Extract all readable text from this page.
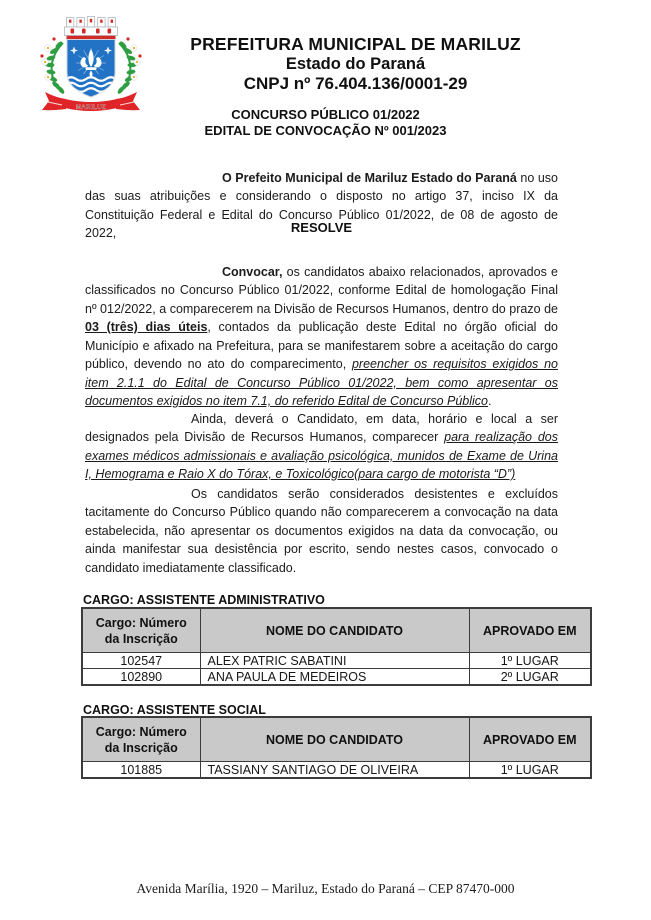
MARILUZ
PREFEITURA MUNICIPAL DE MARILUZ
Estado do Paraná
CNPJ nº 76.404.136/0001-29
CONCURSO PÚBLICO 01/2022
EDITAL DE CONVOCAÇÃO Nº 001/2023

O Prefeito Municipal de Mariluz Estado do Paraná no uso das suas atribuições e considerando o disposto no artigo 37, inciso IX da Constituição Federal e Edital do Concurso Público 01/2022, de 08 de agosto de 2022,	RESOLVE

Convocar, os candidatos abaixo relacionados, aprovados e classificados no Concurso Público 01/2022, conforme Edital de homologação Final nº 012/2022, a comparecerem na Divisão de Recursos Humanos, dentro do prazo de 03 (três) dias úteis, contados da publicação deste Edital no órgão oficial do Município e afixado na Prefeitura, para se manifestarem sobre a aceitação do cargo público, devendo no ato do comparecimento, preencher os requisitos exigidos no item 2.1.1 do Edital de Concurso Público 01/2022, bem como apresentar os documentos exigidos no item 7.1, do referido Edital de Concurso Público.

Ainda, deverá o Candidato, em data, horário e local a ser designados pela Divisão de Recursos Humanos, comparecer para realização dos exames médicos admissionais e avaliação psicológica, munidos de Exame de Urina I, Hemograma e Raio X do Tórax, e Toxicológico(para cargo de motorista “D”)

Os candidatos serão considerados desistentes e excluídos tacitamente do Concurso Público quando não comparecerem a convocação na data estabelecida, não apresentar os documentos exigidos na data da convocação, ou ainda manifestar sua desistência por escrito, sendo nestes casos, convocado o candidato imediatamente classificado.

CARGO: ASSISTENTE ADMINISTRATIVO
Cargo: Número da Inscrição	NOME DO CANDIDATO	APROVADO EM
102547	ALEX PATRIC SABATINI	1º LUGAR
102890	ANA PAULA DE MEDEIROS	2º LUGAR
CARGO: ASSISTENTE SOCIAL
Cargo: Número da Inscrição	NOME DO CANDIDATO	APROVADO EM
101885	TASSIANY SANTIAGO DE OLIVEIRA	1º LUGAR
Avenida Marília, 1920 – Mariluz, Estado do Paraná – CEP 87470-000
